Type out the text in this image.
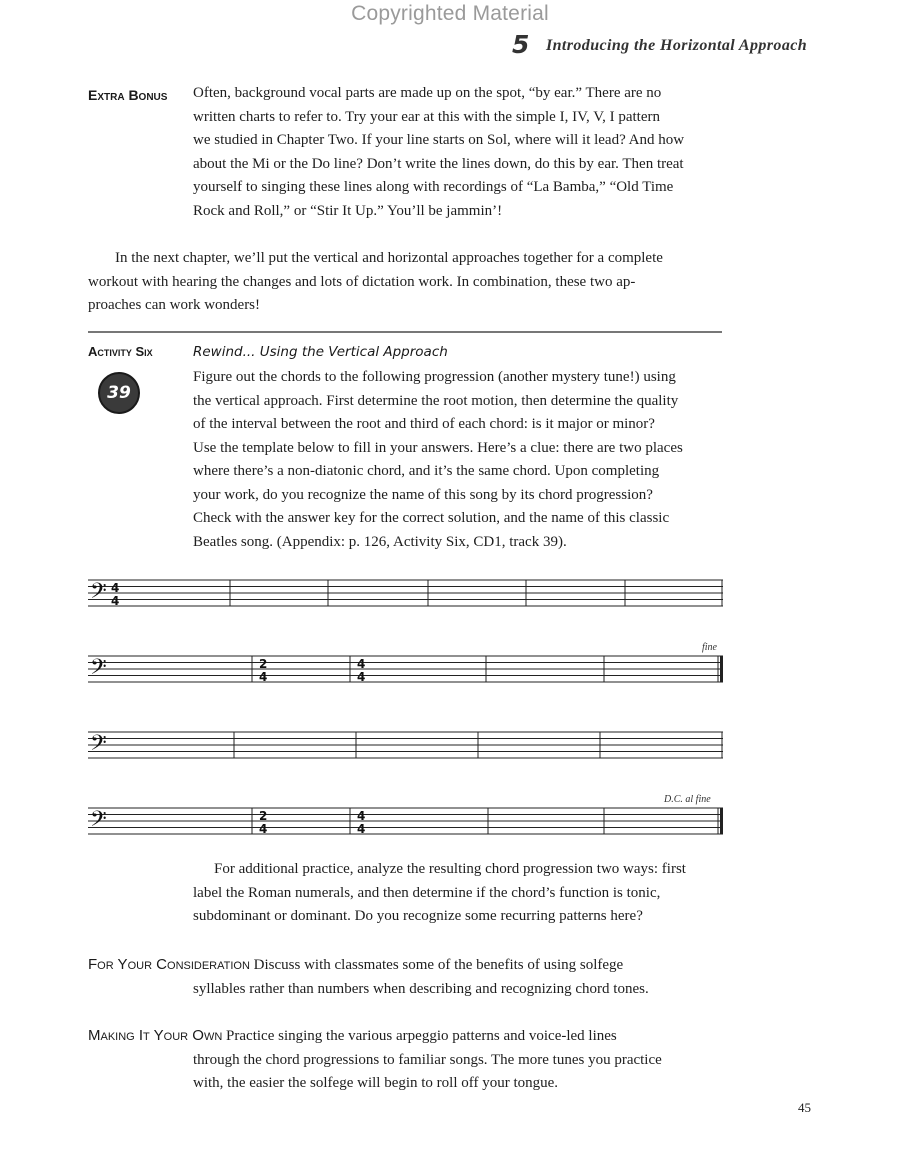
Copyrighted Material
5 Introducing the Horizontal Approach
Extra Bonus Often, background vocal parts are made up on the spot, “by ear.” There are no
written charts to refer to. Try your ear at this with the simple I, IV, V, I pattern
we studied in Chapter Two. If your line starts on Sol, where will it lead? And how
about the Mi or the Do line? Don’t write the lines down, do this by ear. Then treat
yourself to singing these lines along with recordings of “La Bamba,” “Old Time
Rock and Roll,” or “Stir It Up.” You’ll be jammin’!
In the next chapter, we’ll put the vertical and horizontal approaches together for a complete
workout with hearing the changes and lots of dictation work. In combination, these two ap-
proaches can work wonders!
Activity Six
39
Rewind... Using the Vertical Approach
Figure out the chords to the following progression (another mystery tune!) using
the vertical approach. First determine the root motion, then determine the quality
of the interval between the root and third of each chord: is it major or minor?
Use the template below to fill in your answers. Here’s a clue: there are two places
where there’s a non-diatonic chord, and it’s the same chord. Upon completing
your work, do you recognize the name of this song by its chord progression?
Check with the answer key for the correct solution, and the name of this classic
Beatles song. (Appendix: p. 126, Activity Six, CD1, track 39).
𝄢 4
4
fine
𝄢	2
4
4
4
𝄢
D.C. al fine
𝄢	2
4
4
4
For additional practice, analyze the resulting chord progression two ways: first
label the Roman numerals, and then determine if the chord’s function is tonic,
subdominant or dominant. Do you recognize some recurring patterns here?
For Your Consideration Discuss with classmates some of the benefits of using solfege
syllables rather than numbers when describing and recognizing chord tones.
Making It Your Own Practice singing the various arpeggio patterns and voice-led lines
through the chord progressions to familiar songs. The more tunes you practice
with, the easier the solfege will begin to roll off your tongue.
45
